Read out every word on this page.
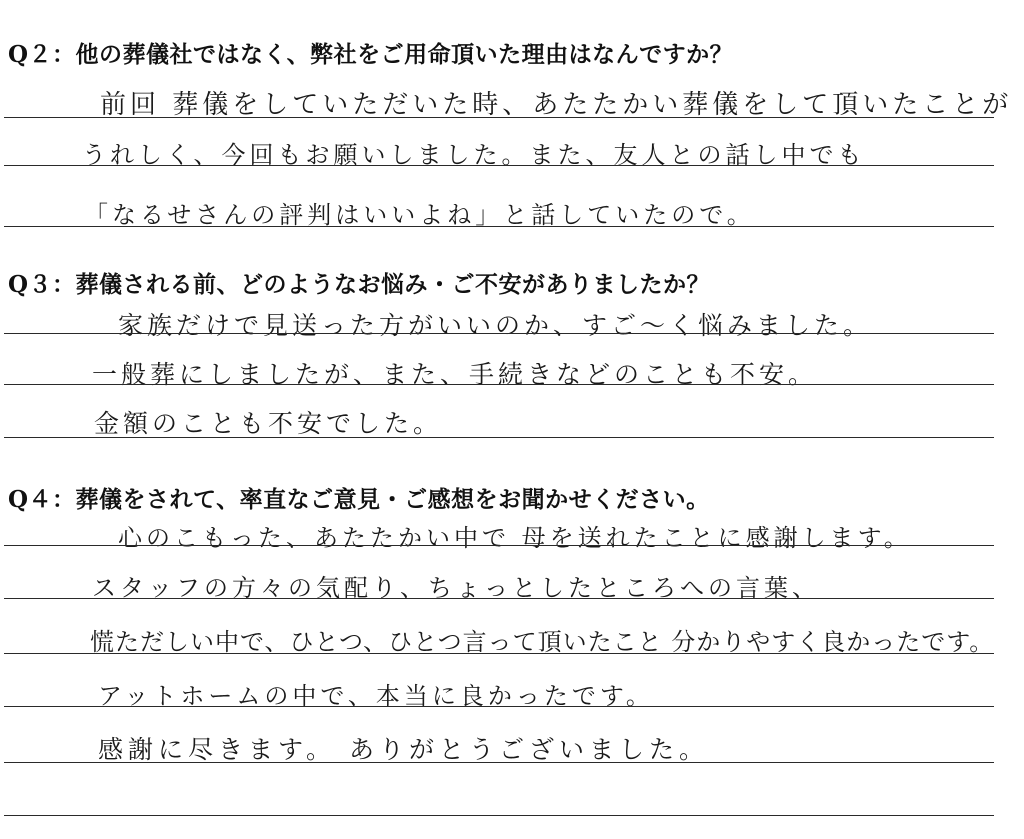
Q２：他の葬儀社ではなく、弊社をご用命頂いた理由はなんですか？
前回 葬儀をしていただいた時、あたたかい葬儀をして頂いたことが
うれしく、今回もお願いしました。また、友人との話し中でも
「なるせさんの評判はいいよね」と話していたので。
Q３：葬儀される前、どのようなお悩み・ご不安がありましたか？
家族だけで見送った方がいいのか、すご〜く悩みました。
一般葬にしましたが、また、手続きなどのことも不安。
金額のことも不安でした。
Q４：葬儀をされて、率直なご意見・ご感想をお聞かせください。
心のこもった、あたたかい中で 母を送れたことに感謝します。
スタッフの方々の気配り、ちょっとしたところへの言葉、
慌ただしい中で、ひとつ、ひとつ言って頂いたこと 分かりやすく良かったです。
アットホームの中で、本当に良かったです。
感謝に尽きます。 ありがとうございました。
